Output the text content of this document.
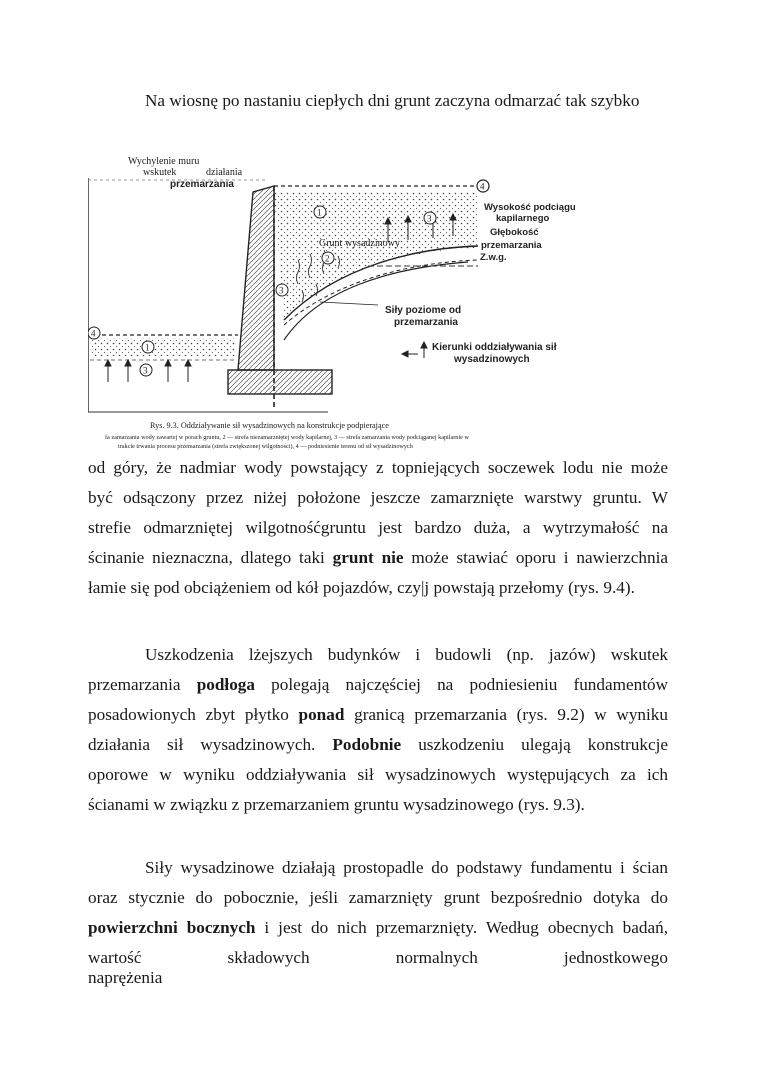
Na wiosnę po nastaniu ciepłych dni grunt zaczyna odmarzać tak szybko
Wychylenie muru
wskutek	działania
przemarzania	4
Wysokość podciągu
kapilarnego
Głębokość
przemarzania
Z.w.g.
Grunt wysadzinowy
1
2
3
3
Siły poziome od
przemarzania
4
1
3
Kierunki oddziaływania sił
wysadzinowych
Rys. 9.3. Oddziaływanie sił wysadzinowych na konstrukcje podpierające
fa zamarzania wody zawartej w porach gruntu, 2 — strefa niezamarzniętej wody kapilarnej, 3 — strefa zamarzania wody podciąganej kapilarnie w
trakcie trwania procesu przemarzania (strefa zwiększonej wilgotności), 4 — podniesienie terenu od sił wysadzinowych
od góry, że nadmiar wody powstający z topniejących soczewek lodu nie może
być odsączony przez niżej położone jeszcze zamarznięte warstwy gruntu. W
strefie odmarzniętej wilgotnośćgruntu jest bardzo duża, a wytrzymałość na
ścinanie nieznaczna, dlatego taki grunt nie może stawiać oporu i nawierzchnia
łamie się pod obciążeniem od kół pojazdów, czy|j powstają przełomy (rys. 9.4).
Uszkodzenia lżejszych budynków i budowli (np. jazów) wskutek
przemarzania podłoga polegają najczęściej na podniesieniu fundamentów
posadowionych zbyt płytko ponad granicą przemarzania (rys. 9.2) w wyniku
działania sił wysadzinowych. Podobnie uszkodzeniu ulegają konstrukcje
oporowe w wyniku oddziaływania sił wysadzinowych występujących za ich
ścianami w związku z przemarzaniem gruntu wysadzinowego (rys. 9.3).
Siły wysadzinowe działają prostopadle do podstawy fundamentu i ścian
oraz stycznie do pobocznie, jeśli zamarznięty grunt bezpośrednio dotyka do
powierzchni bocznych i jest do nich przemarznięty. Według obecnych badań,
wartość składowych normalnych jednostkowego naprężenia
